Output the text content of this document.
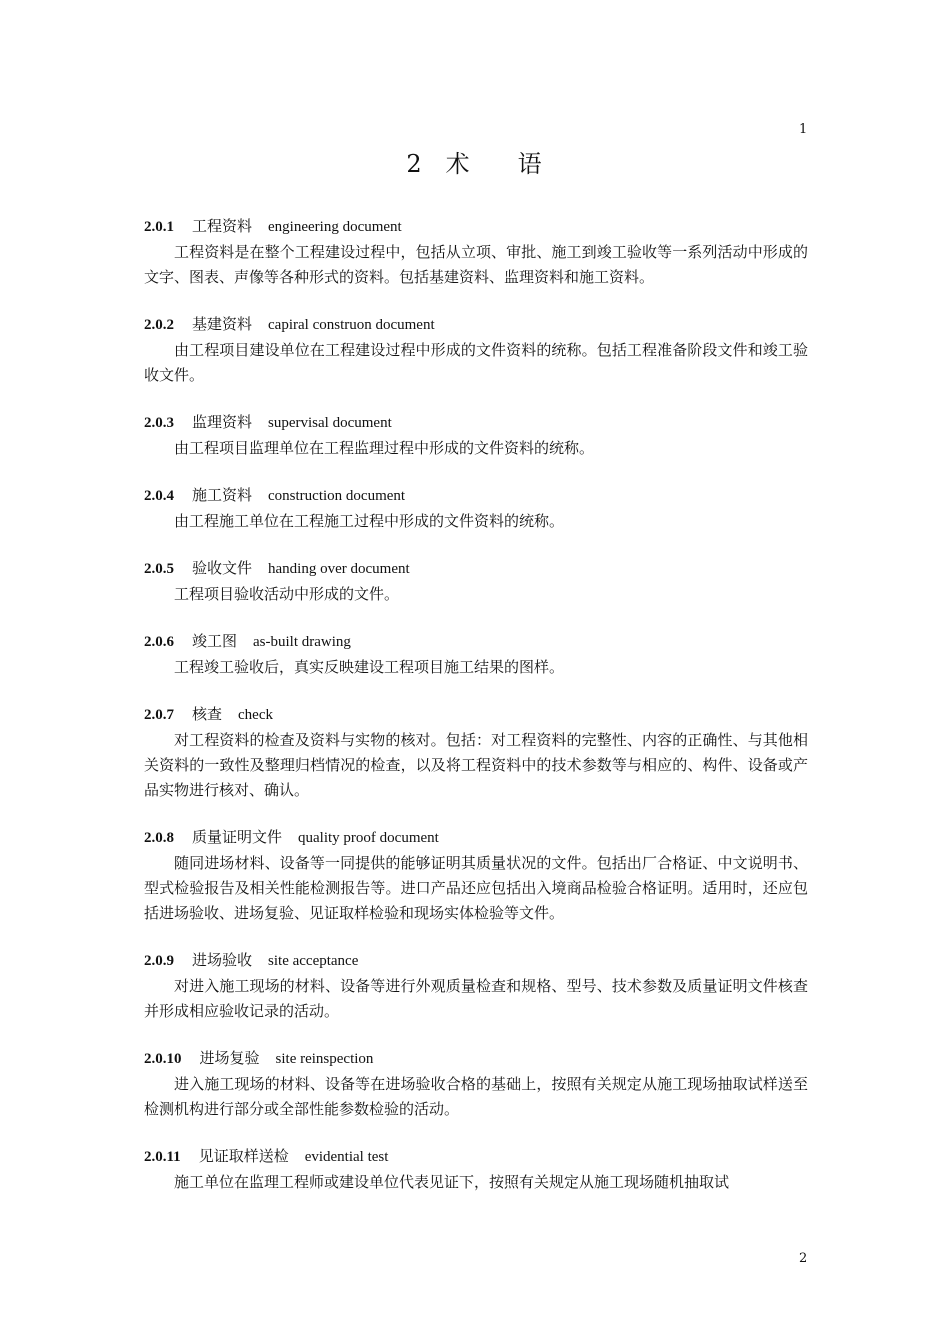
1
2 术 语
2.0.1 工程资料 engineering document
工程资料是在整个工程建设过程中，包括从立项、审批、施工到竣工验收等一系列活动中形成的文字、图表、声像等各种形式的资料。包括基建资料、监理资料和施工资料。
2.0.2 基建资料 capiral construon document
由工程项目建设单位在工程建设过程中形成的文件资料的统称。包括工程准备阶段文件和竣工验收文件。
2.0.3 监理资料 supervisal document
由工程项目监理单位在工程监理过程中形成的文件资料的统称。
2.0.4 施工资料 construction document
由工程施工单位在工程施工过程中形成的文件资料的统称。
2.0.5 验收文件 handing over document
工程项目验收活动中形成的文件。
2.0.6 竣工图 as-built drawing
工程竣工验收后，真实反映建设工程项目施工结果的图样。
2.0.7 核查 check
对工程资料的检查及资料与实物的核对。包括：对工程资料的完整性、内容的正确性、与其他相关资料的一致性及整理归档情况的检查，以及将工程资料中的技术参数等与相应的、构件、设备或产品实物进行核对、确认。
2.0.8 质量证明文件 quality proof document
随同进场材料、设备等一同提供的能够证明其质量状况的文件。包括出厂合格证、中文说明书、型式检验报告及相关性能检测报告等。进口产品还应包括出入境商品检验合格证明。适用时，还应包括进场验收、进场复验、见证取样检验和现场实体检验等文件。
2.0.9 进场验收 site acceptance
对进入施工现场的材料、设备等进行外观质量检查和规格、型号、技术参数及质量证明文件核查并形成相应验收记录的活动。
2.0.10 进场复验 site reinspection
进入施工现场的材料、设备等在进场验收合格的基础上，按照有关规定从施工现场抽取试样送至检测机构进行部分或全部性能参数检验的活动。
2.0.11 见证取样送检 evidential test
施工单位在监理工程师或建设单位代表见证下，按照有关规定从施工现场随机抽取试
2
